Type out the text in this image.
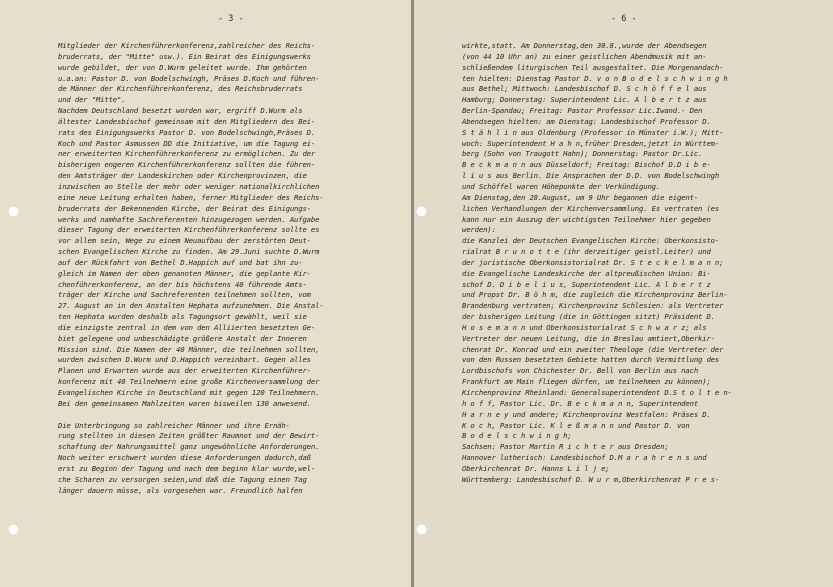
- 3 -
Mitglieder der Kirchenführerkonferenz,zahlreicher des Reichs-
bruderrats, der "Mitte" usw.). Ein Beirat des Einigungswerks
wurde gebildet, der von D.Wurm geleitet wurde. Ihm gehörten
u.a.an: Pastor D. von Bodelschwingh, Präses D.Koch und führen-
de Männer der Kirchenführerkonferenz, des Reichsbruderrats
und der "Mitte".
Nachdem Deutschland besetzt worden war, ergriff D.Wurm als
ältester Landesbischof gemeinsam mit den Mitgliedern des Bei-
rats des Einigungswerks Pastor D. von Bodelschwingh,Präses D.
Koch und Pastor Asmussen DD die Initiative, um die Tagung ei-
ner erweiterten Kirchenführerkonferenz zu ermöglichen. Zu der
bisherigen engeren Kirchenführerkonferenz sollten die führen-
den Amtsträger der Landeskirchen oder Kirchenprovinzen, die
inzwischen an Stelle der mehr oder weniger nationalkirchlichen
eine neue Leitung erhalten haben, ferner Mitglieder des Reichs-
bruderrats der Bekennenden Kirche, der Beirat des Einigungs-
werks und namhafte Sachreferenten hinzugezogen werden. Aufgabe
dieser Tagung der erweiterten Kirchenführerkonferenz sollte es
vor allem sein, Wege zu einem Neuaufbau der zerstörten Deut-
schen Evangelischen Kirche zu finden. Am 29.Juni suchte D.Wurm
auf der Rückfahrt von Bethel D.Happich auf und bat ihn zu-
gleich im Namen der oben genannten Männer, die geplante Kir-
chenführerkonferenz, an der bis höchstens 40 führende Amts-
träger der Kirche und Sachreferenten teilnehmen sollten, vom
27. August an in den Anstalten Hephata aufzunehmen. Die Anstal-
ten Hephata wurden deshalb als Tagungsort gewählt, weil sie
die einzigste zentral in dem von den Alliierten besetzten Ge-
biet gelegene und unbeschädigte größere Anstalt der Inneren
Mission sind. Die Namen der 40 Männer, die teilnehmen sollten,
wurden zwischen D.Wurm und D.Happich vereinbart. Gegen alles
Planen und Erwarten wurde aus der erweiterten Kirchenführer-
konferenz mit 40 Teilnehmern eine große Kirchenversammlung der
Evangelischen Kirche in Deutschland mit gegen 120 Teilnehmern.
Bei den gemeinsamen Mahlzeiten waren bisweilen 130 anwesend.
Die Unterbringung so zahlreicher Männer und ihre Ernäh-
rung stellten in diesen Zeiten größter Raumnot und der Bewirt-
schaftung der Nahrungsmittel ganz ungewöhnliche Anforderungen.
Noch weiter erschwert wurden diese Anforderungen dadurch,daß
erst zu Beginn der Tagung und nach dem beginn klar wurde,wel-
che Scharen zu versorgen seien,und daß die Tagung einen Tag
länger dauern müsse, als vorgesehen war. Freundlich halfen
- 6 -
wirkte,statt. Am Donnerstag,den 30.8.,wurde der Abendsegen
(von 44 10 Uhr an) zu einer geistlichen Abendmusik mit an-
schließendem liturgischen Teil ausgestaltet. Die Morgenandach-
ten hielten: Dienstag Pastor D. v o n B o d e l s c h w i n g h
aus Bethel; Mittwoch: Landesbischof D. S c h ö f f e l aus
Hamburg; Donnerstag: Superintendent Lic. A l b e r t z aus
Berlin-Spandau; Freitag: Pastor Professor Lic.Iwand.- Den
Abendsegen hielten: am Dienstag: Landesbischof Professor D.
S t ä h l i n aus Oldenburg (Professor in Münster i.W.); Mitt-
woch: Superintendent H a h n,früher Dresden,jetzt in Württem-
berg (Sohn von Traugott Hahn); Donnerstag: Pastor Dr.Lic.
B e c k m a n n aus Düsseldorf; Freitag: Bischof D.D i b e-
l i u s aus Berlin. Die Ansprachen der D.D. von Bodelschwingh
und Schöffel waren Höhepunkte der Verkündigung.
Am Dienstag,den 28.August, um 9 Uhr begannen die eigent-
lichen Verhandlungen der Kirchenversammlung. Es vertraten (es
kann nur ein Auszug der wichtigsten Teilnehmer hier gegeben
werden):
die Kanzlei der Deutschen Evangelischen Kirche: Oberkonsisto-
rialrat B r u n o t t e (ihr derzeitiger geistl.Leiter) und
der juristische Oberkonsistorialrat Dr. S t e c k e l m a n n;
die Evangelische Landeskirche der altpreußischen Union: Bi-
schof D. D i b e l i u s, Superintendent Lic. A l b e r t z
und Propst Dr. B ö h m, die zugleich die Kirchenprovinz Berlin-
Brandenburg vertraten; Kirchenprovinz Schlesien: als Vertreter
der bisherigen Leitung (die in Göttingen sitzt) Präsident D.
H o s e m a n n und Oberkonsistorialrat S c h w a r z; als
Vertreter der neuen Leitung, die in Breslau amtiert,Oberkir-
chenrat Dr. Konrad und ein zweiter Theologe (die Vertreter der
von den Russen besetzten Gebiete hatten durch Vermittlung des
Lordbischofs von Chichester Dr. Bell von Berlin aus nach
Frankfurt am Main fliegen dürfen, um teilnehmen zu können);
Kirchenprovinz Rheinland: Generalsuperintendent D.S t o l t e n-
h o f f, Pastor Lic. Dr. B e c k m a n n, Superintendent
H a r n e y und andere; Kirchenprovinz Westfalen: Präses D.
K o c h, Pastor Lic. K l e ß m a n n und Pastor D. von
B o d e l s c h w i n g h;
Sachsen: Pastor Martin R i c h t e r aus Dresden;
Hannover lutherisch: Landesbischof D.M a r a h r e n s und
Oberkirchenrat Dr. Hanns L i l j e;
Württemberg: Landesbischof D. W u r m,Oberkirchenrat P r e s-
